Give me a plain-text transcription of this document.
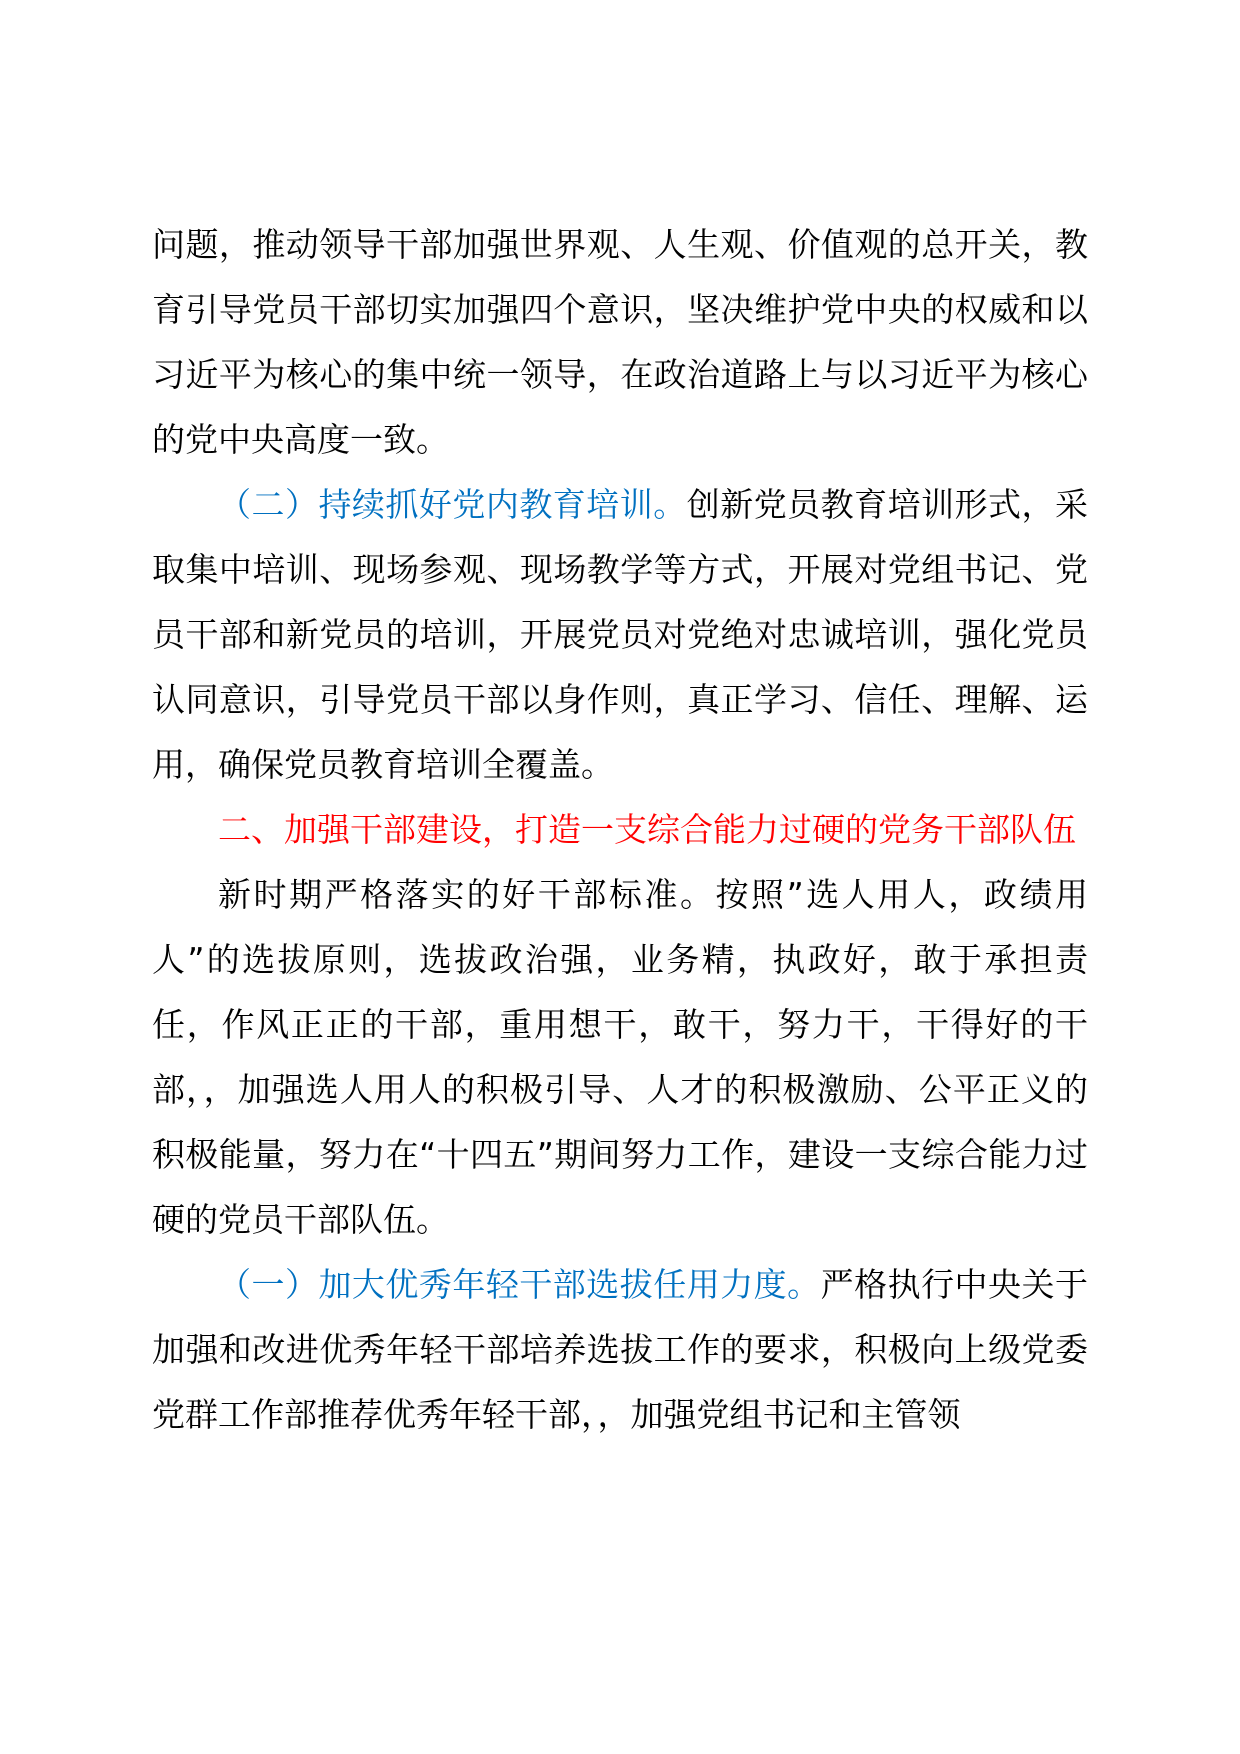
问题，推动领导干部加强世界观、人生观、价值观的总开关，教育引导党员干部切实加强四个意识，坚决维护党中央的权威和以习近平为核心的集中统一领导，在政治道路上与以习近平为核心的党中央高度一致。

（二）持续抓好党内教育培训。创新党员教育培训形式，采取集中培训、现场参观、现场教学等方式，开展对党组书记、党员干部和新党员的培训，开展党员对党绝对忠诚培训，强化党员认同意识，引导党员干部以身作则，真正学习、信任、理解、运用，确保党员教育培训全覆盖。

二、加强干部建设，打造一支综合能力过硬的党务干部队伍

新时期严格落实的好干部标准。按照”选人用人，政绩用人”的选拔原则，选拔政治强，业务精，执政好，敢于承担责任，作风正正的干部，重用想干，敢干，努力干，干得好的干部，，加强选人用人的积极引导、人才的积极激励、公平正义的积极能量，努力在“十四五”期间努力工作，建设一支综合能力过硬的党员干部队伍。

（一）加大优秀年轻干部选拔任用力度。严格执行中央关于加强和改进优秀年轻干部培养选拔工作的要求，积极向上级党委党群工作部推荐优秀年轻干部，，加强党组书记和主管领
